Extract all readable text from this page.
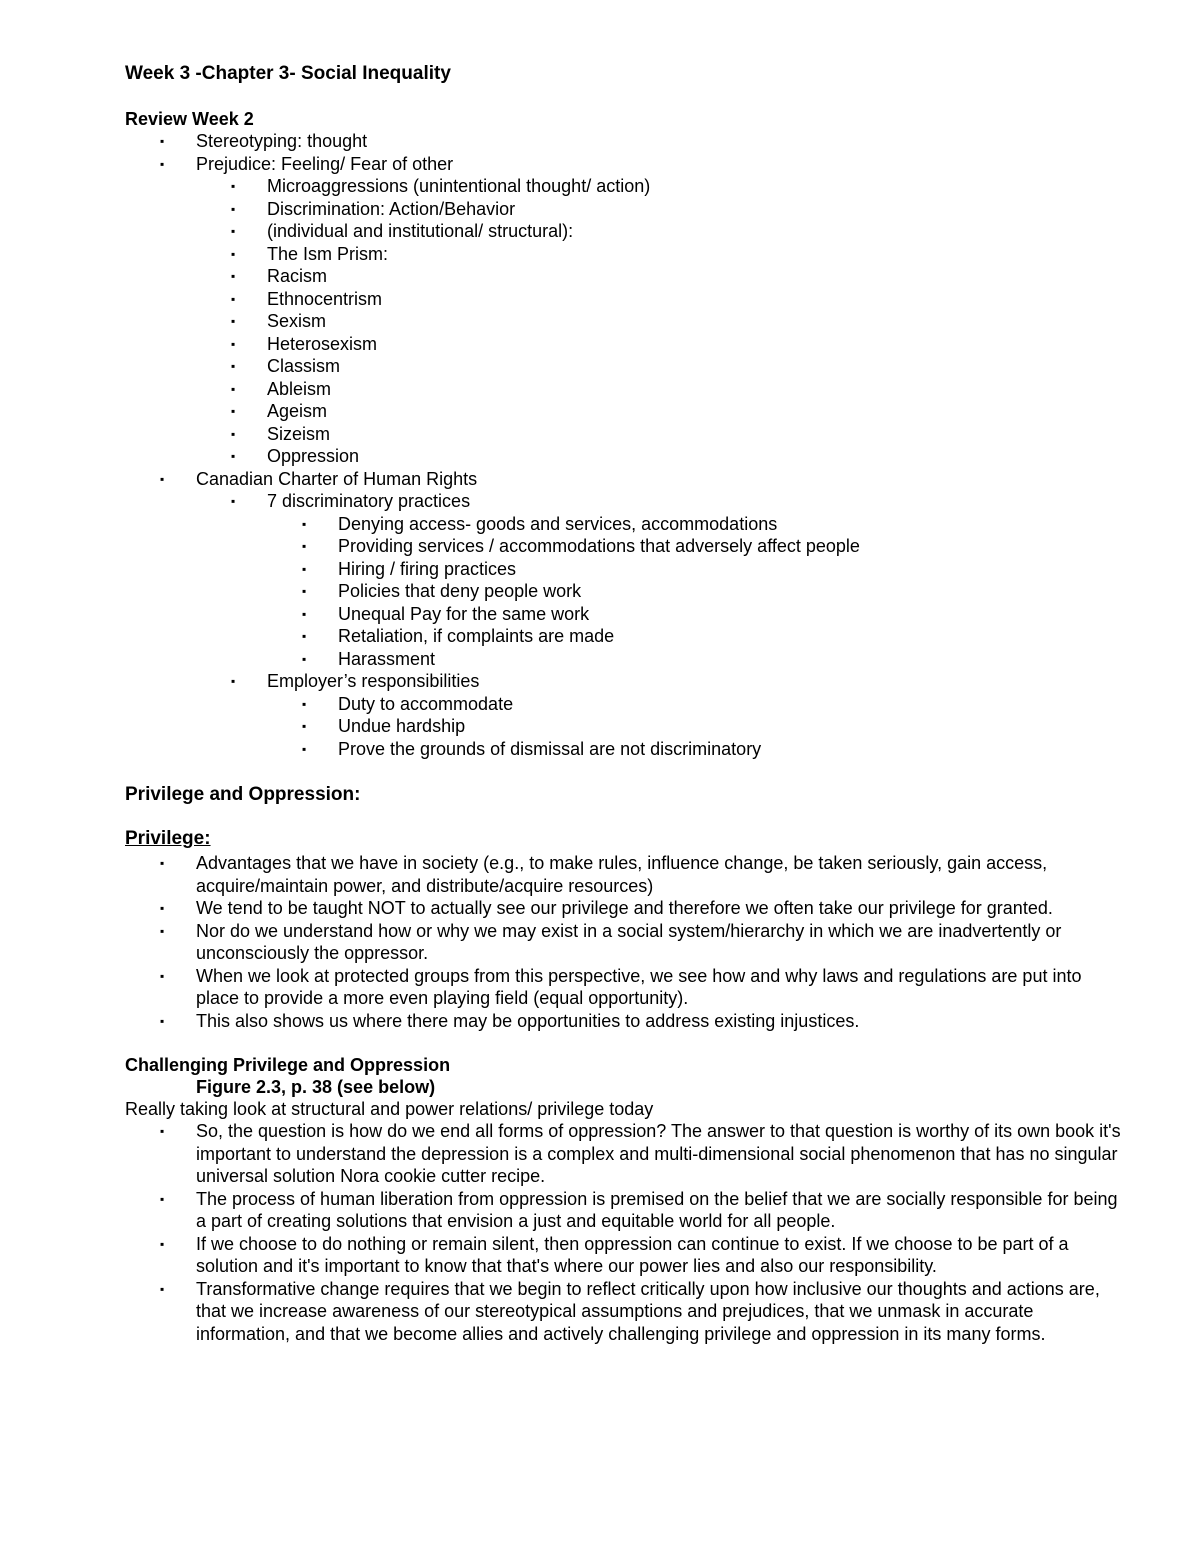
Week 3 -Chapter 3- Social Inequality
Review Week 2
▪ Stereotyping: thought
▪ Prejudice: Feeling/ Fear of other
▪ Microaggressions (unintentional thought/ action)
▪ Discrimination: Action/Behavior
▪ (individual and institutional/ structural):
▪ The Ism Prism:
▪ Racism
▪ Ethnocentrism
▪ Sexism
▪ Heterosexism
▪ Classism
▪ Ableism
▪ Ageism
▪ Sizeism
▪ Oppression
▪ Canadian Charter of Human Rights
▪ 7 discriminatory practices
▪ Denying access- goods and services, accommodations
▪ Providing services / accommodations that adversely affect people
▪ Hiring / firing practices
▪ Policies that deny people work
▪ Unequal Pay for the same work
▪ Retaliation, if complaints are made
▪ Harassment
▪ Employer’s responsibilities
▪ Duty to accommodate
▪ Undue hardship
▪ Prove the grounds of dismissal are not discriminatory
Privilege and Oppression:
Privilege:
▪ Advantages that we have in society (e.g., to make rules, influence change, be taken seriously, gain access, acquire/maintain power, and distribute/acquire resources)
▪ We tend to be taught NOT to actually see our privilege and therefore we often take our privilege for granted.
▪ Nor do we understand how or why we may exist in a social system/hierarchy in which we are inadvertently or unconsciously the oppressor.
▪ When we look at protected groups from this perspective, we see how and why laws and regulations are put into place to provide a more even playing field (equal opportunity).
▪ This also shows us where there may be opportunities to address existing injustices.
Challenging Privilege and Oppression

Figure 2.3, p. 38 (see below)

Really taking look at structural and power relations/ privilege today

▪ So, the question is how do we end all forms of oppression? The answer to that question is worthy of its own book it's important to understand the depression is a complex and multi-dimensional social phenomenon that has no singular universal solution Nora cookie cutter recipe.
▪ The process of human liberation from oppression is premised on the belief that we are socially responsible for being a part of creating solutions that envision a just and equitable world for all people.
▪ If we choose to do nothing or remain silent, then oppression can continue to exist. If we choose to be part of a solution and it's important to know that that's where our power lies and also our responsibility.
▪ Transformative change requires that we begin to reflect critically upon how inclusive our thoughts and actions are, that we increase awareness of our stereotypical assumptions and prejudices, that we unmask in accurate information, and that we become allies and actively challenging privilege and oppression in its many forms.
